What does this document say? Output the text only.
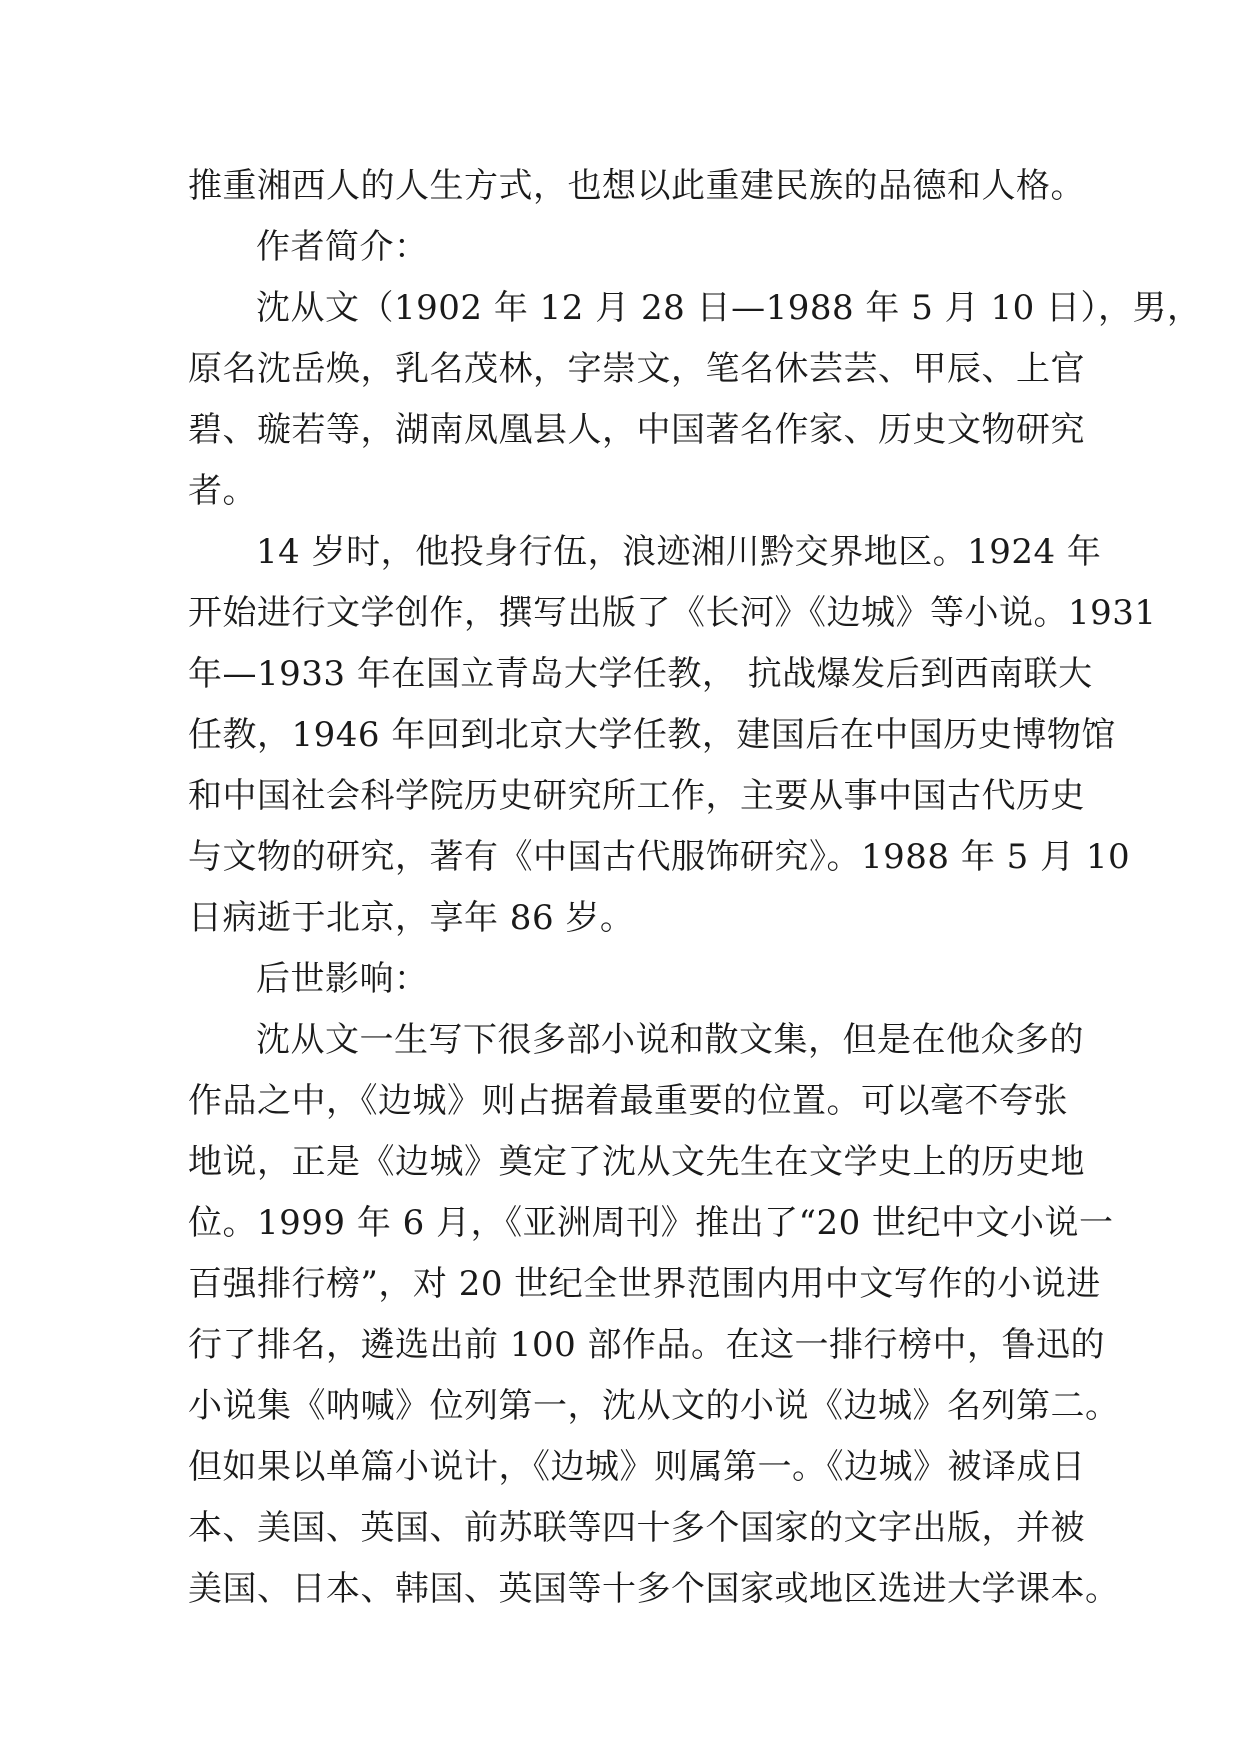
推重湘西人的人生方式，也想以此重建民族的品德和人格。
作者简介：
沈从文（1902 年 12 月 28 日—1988 年 5 月 10 日），男，
原名沈岳焕，乳名茂林，字崇文，笔名休芸芸、甲辰、上官
碧、璇若等，湖南凤凰县人，中国著名作家、历史文物研究
者。
14 岁时，他投身行伍，浪迹湘川黔交界地区。1924 年
开始进行文学创作，撰写出版了《长河》《边城》等小说。1931
年—1933 年在国立青岛大学任教， 抗战爆发后到西南联大
任教，1946 年回到北京大学任教，建国后在中国历史博物馆
和中国社会科学院历史研究所工作，主要从事中国古代历史
与文物的研究，著有《中国古代服饰研究》。1988 年 5 月 10
日病逝于北京，享年 86 岁。
后世影响：
沈从文一生写下很多部小说和散文集，但是在他众多的
作品之中，《边城》则占据着最重要的位置。可以毫不夸张
地说，正是《边城》奠定了沈从文先生在文学史上的历史地
位。1999 年 6 月，《亚洲周刊》推出了“20 世纪中文小说一
百强排行榜”，对 20 世纪全世界范围内用中文写作的小说进
行了排名，遴选出前 100 部作品。在这一排行榜中，鲁迅的
小说集《呐喊》位列第一，沈从文的小说《边城》名列第二。
但如果以单篇小说计，《边城》则属第一。《边城》被译成日
本、美国、英国、前苏联等四十多个国家的文字出版，并被
美国、日本、韩国、英国等十多个国家或地区选进大学课本。
